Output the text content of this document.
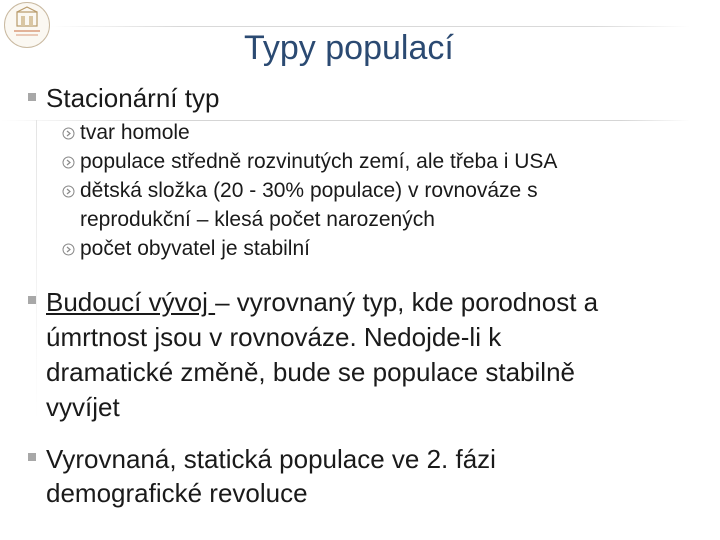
Typy populací
Stacionární typ
tvar homole
populace středně rozvinutých zemí, ale třeba i USA
dětská složka (20 - 30% populace) v rovnováze s
reprodukční – klesá počet narozených
počet obyvatel je stabilní
Budoucí vývoj – vyrovnaný typ, kde porodnost a
úmrtnost jsou v rovnováze. Nedojde-li k
dramatické změně, bude se populace stabilně
vyvíjet
Vyrovnaná, statická populace ve 2. fázi
demografické revoluce
